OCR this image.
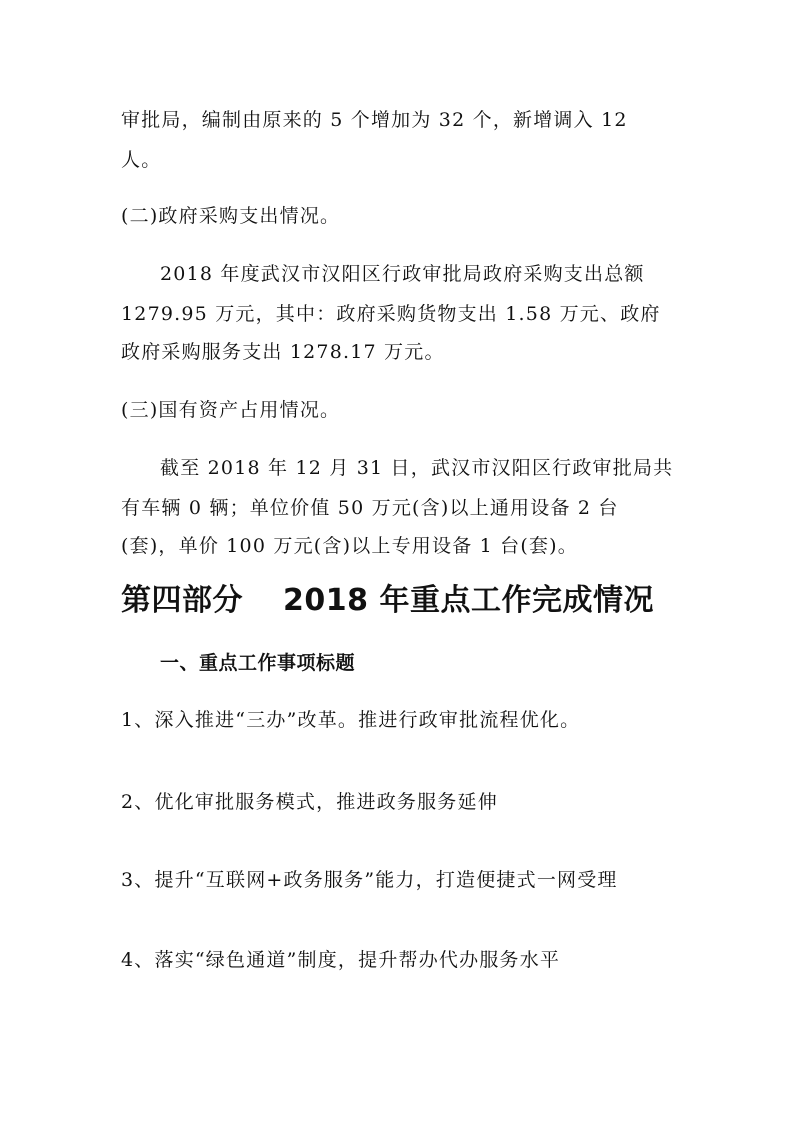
审批局，编制由原来的 5 个增加为 32 个，新增调入 12
人。
(二)政府采购支出情况。
2018 年度武汉市汉阳区行政审批局政府采购支出总额
1279.95 万元，其中：政府采购货物支出 1.58 万元、政府
政府采购服务支出 1278.17 万元。
(三)国有资产占用情况。
截至 2018 年 12 月 31 日，武汉市汉阳区行政审批局共
有车辆 0 辆；单位价值 50 万元(含)以上通用设备 2 台
(套)，单价 100 万元(含)以上专用设备 1 台(套)。
第四部分 2018 年重点工作完成情况
一、重点工作事项标题
1、深入推进“三办”改革。推进行政审批流程优化。
2、优化审批服务模式，推进政务服务延伸
3、提升“互联网+政务服务”能力，打造便捷式一网受理
4、落实“绿色通道”制度，提升帮办代办服务水平
